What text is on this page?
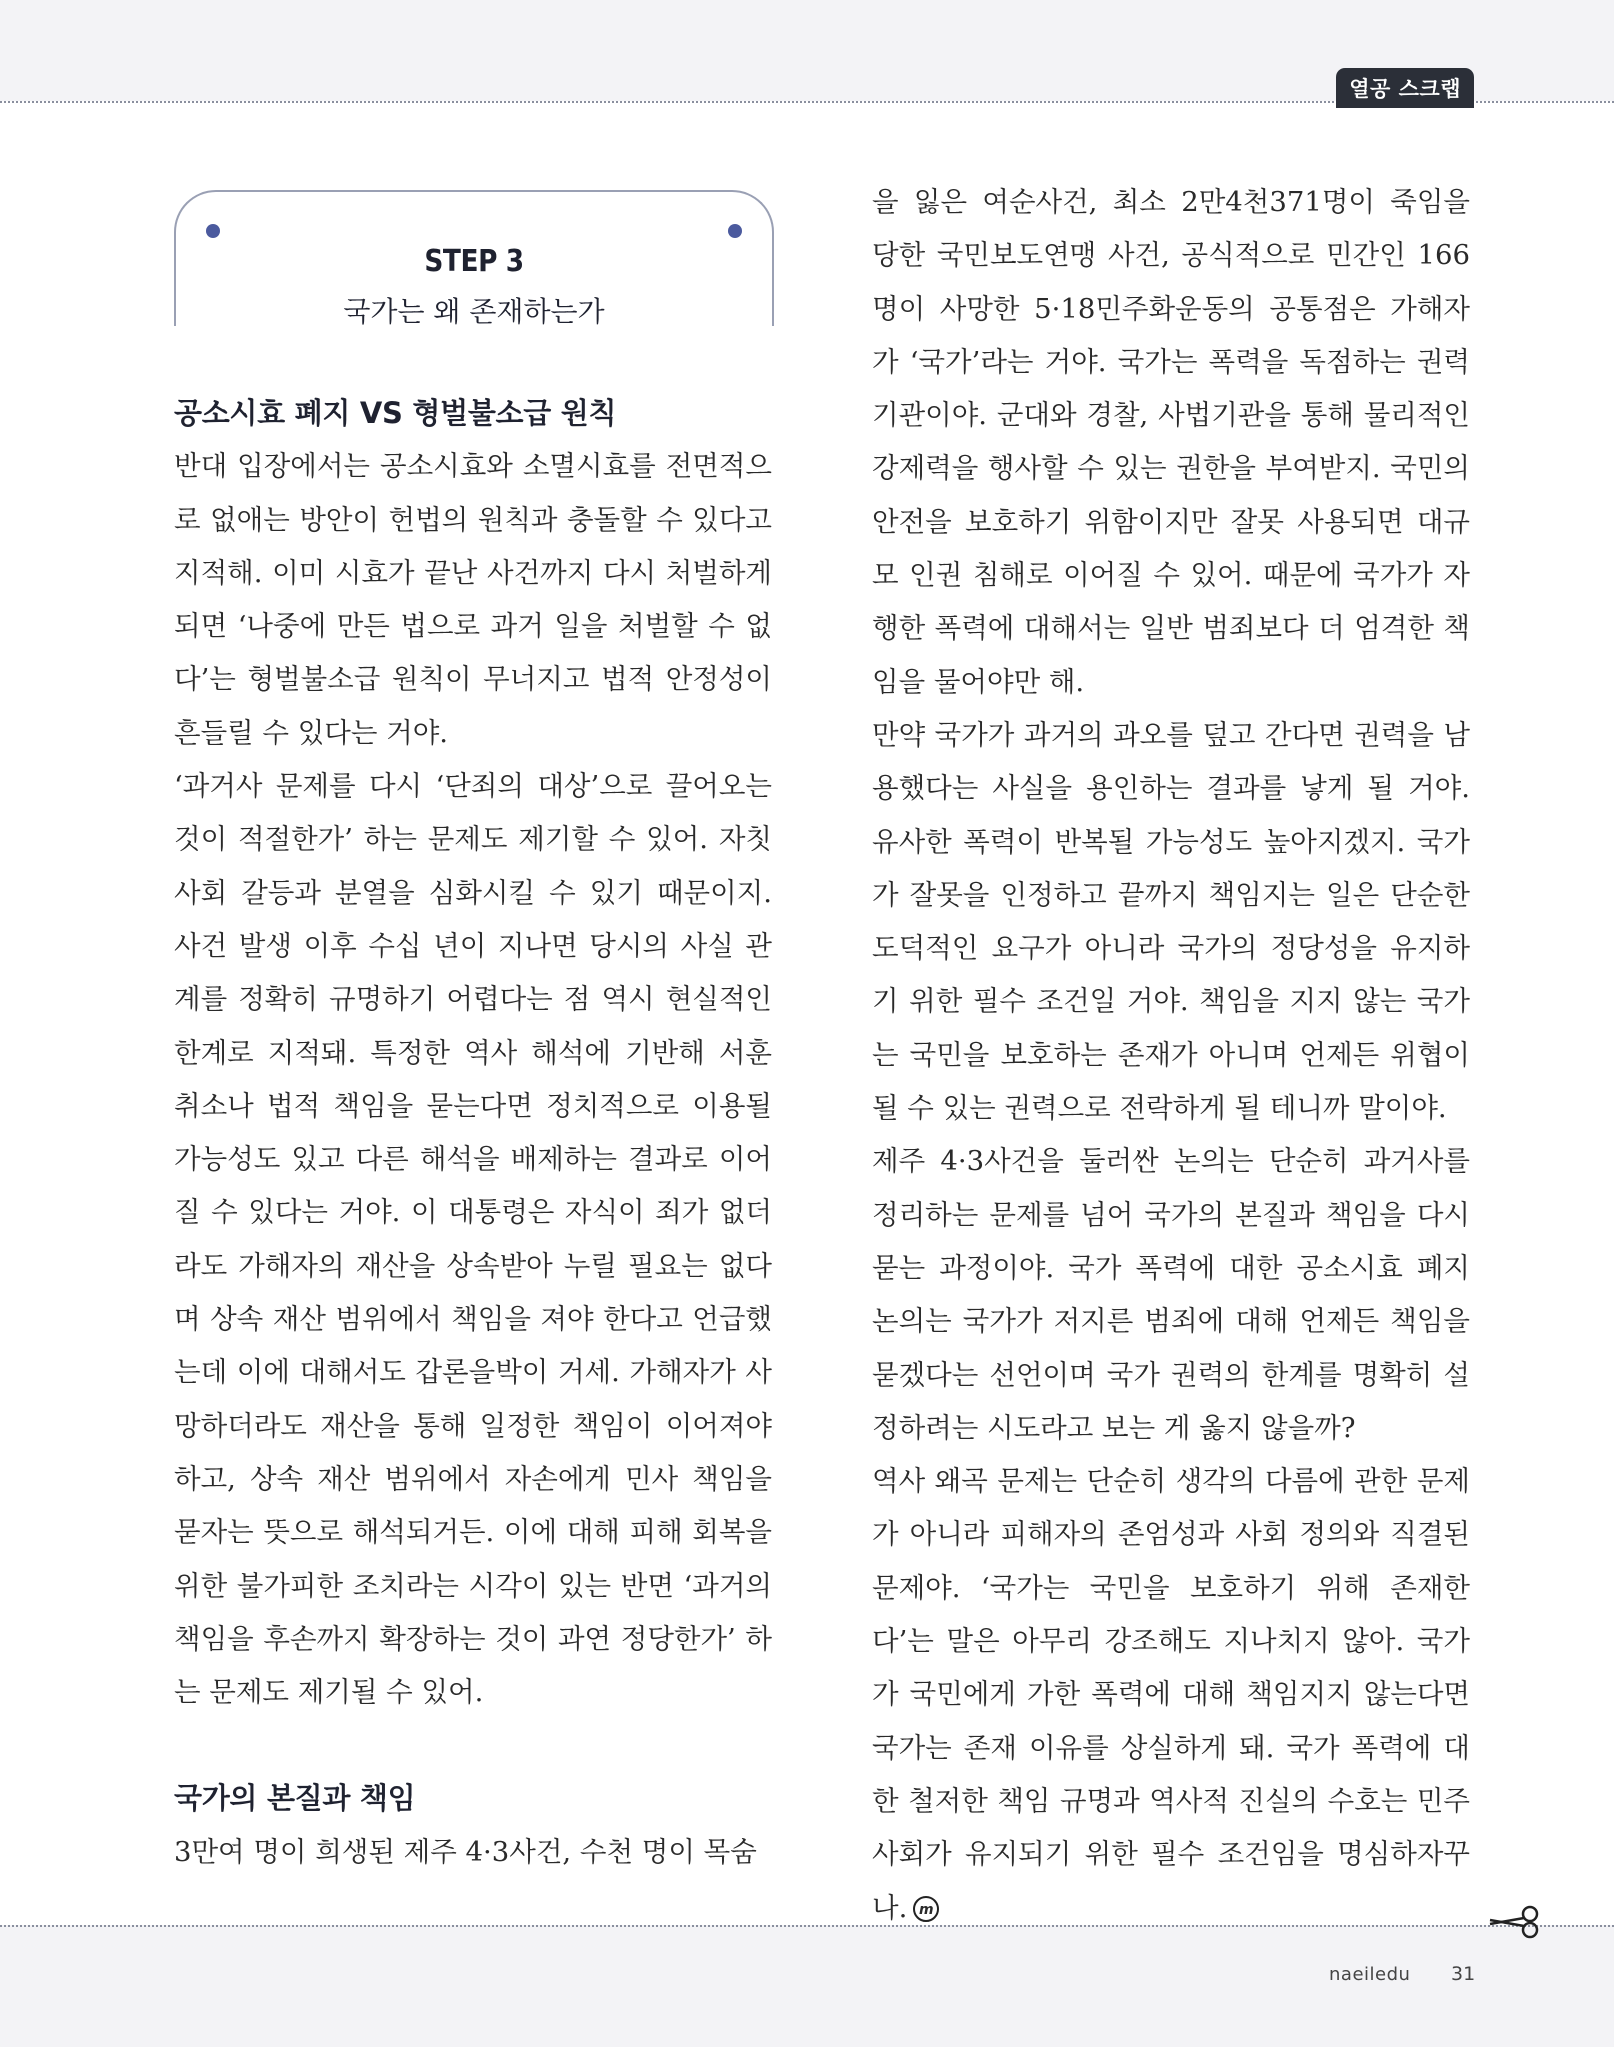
열공 스크랩
STEP 3
국가는 왜 존재하는가
공소시효 폐지 VS 형벌불소급 원칙

반대 입장에서는 공소시효와 소멸시효를 전면적으로 없애는 방안이 헌법의 원칙과 충돌할 수 있다고 지적해. 이미 시효가 끝난 사건까지 다시 처벌하게 되면 ‘나중에 만든 법으로 과거 일을 처벌할 수 없다’는 형벌불소급 원칙이 무너지고 법적 안정성이 흔들릴 수 있다는 거야.

‘과거사 문제를 다시 ‘단죄의 대상’으로 끌어오는 것이 적절한가’ 하는 문제도 제기할 수 있어. 자칫 사회 갈등과 분열을 심화시킬 수 있기 때문이지. 사건 발생 이후 수십 년이 지나면 당시의 사실 관계를 정확히 규명하기 어렵다는 점 역시 현실적인 한계로 지적돼. 특정한 역사 해석에 기반해 서훈 취소나 법적 책임을 묻는다면 정치적으로 이용될 가능성도 있고 다른 해석을 배제하는 결과로 이어질 수 있다는 거야. 이 대통령은 자식이 죄가 없더라도 가해자의 재산을 상속받아 누릴 필요는 없다며 상속 재산 범위에서 책임을 져야 한다고 언급했는데 이에 대해서도 갑론을박이 거세. 가해자가 사망하더라도 재산을 통해 일정한 책임이 이어져야 하고, 상속 재산 범위에서 자손에게 민사 책임을 묻자는 뜻으로 해석되거든. 이에 대해 피해 회복을 위한 불가피한 조치라는 시각이 있는 반면 ‘과거의 책임을 후손까지 확장하는 것이 과연 정당한가’ 하는 문제도 제기될 수 있어.

국가의 본질과 책임

3만여 명이 희생된 제주 4·3사건, 수천 명이 목숨

을 잃은 여순사건, 최소 2만4천371명이 죽임을 당한 국민보도연맹 사건, 공식적으로 민간인 166명이 사망한 5·18민주화운동의 공통점은 가해자가 ‘국가’라는 거야. 국가는 폭력을 독점하는 권력기관이야. 군대와 경찰, 사법기관을 통해 물리적인 강제력을 행사할 수 있는 권한을 부여받지. 국민의 안전을 보호하기 위함이지만 잘못 사용되면 대규모 인권 침해로 이어질 수 있어. 때문에 국가가 자행한 폭력에 대해서는 일반 범죄보다 더 엄격한 책임을 물어야만 해.

만약 국가가 과거의 과오를 덮고 간다면 권력을 남용했다는 사실을 용인하는 결과를 낳게 될 거야. 유사한 폭력이 반복될 가능성도 높아지겠지. 국가가 잘못을 인정하고 끝까지 책임지는 일은 단순한 도덕적인 요구가 아니라 국가의 정당성을 유지하기 위한 필수 조건일 거야. 책임을 지지 않는 국가는 국민을 보호하는 존재가 아니며 언제든 위협이 될 수 있는 권력으로 전락하게 될 테니까 말이야.

제주 4·3사건을 둘러싼 논의는 단순히 과거사를 정리하는 문제를 넘어 국가의 본질과 책임을 다시 묻는 과정이야. 국가 폭력에 대한 공소시효 폐지 논의는 국가가 저지른 범죄에 대해 언제든 책임을 묻겠다는 선언이며 국가 권력의 한계를 명확히 설정하려는 시도라고 보는 게 옳지 않을까?

역사 왜곡 문제는 단순히 생각의 다름에 관한 문제가 아니라 피해자의 존엄성과 사회 정의와 직결된 문제야. ‘국가는 국민을 보호하기 위해 존재한다’는 말은 아무리 강조해도 지나치지 않아. 국가가 국민에게 가한 폭력에 대해 책임지지 않는다면 국가는 존재 이유를 상실하게 돼. 국가 폭력에 대한 철저한 책임 규명과 역사적 진실의 수호는 민주 사회가 유지되기 위한 필수 조건임을 명심하자꾸나. m

naeiledu 31
